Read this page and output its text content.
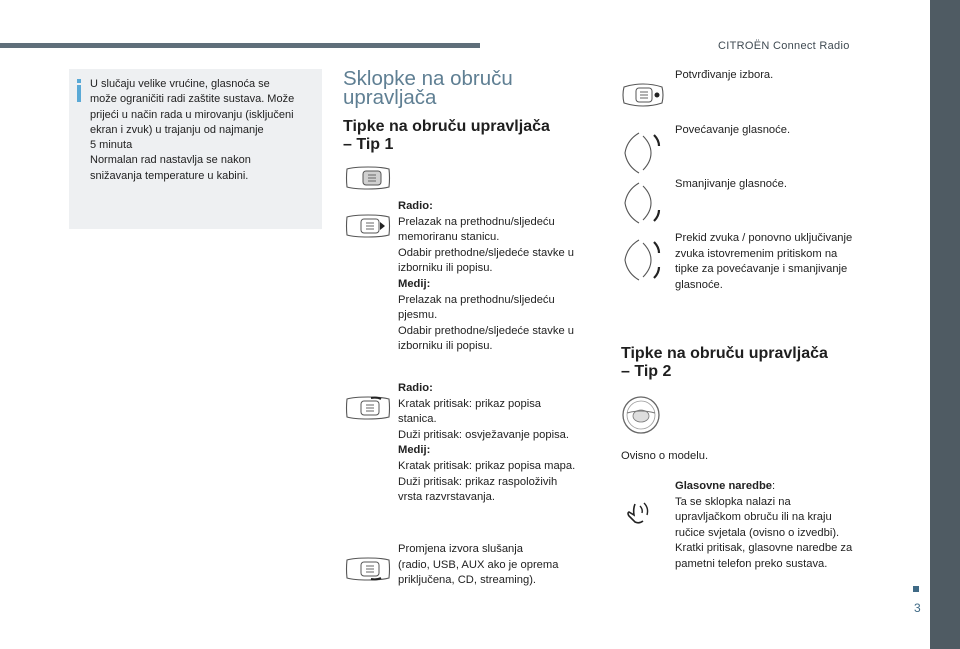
CITROËN Connect Radio
3
U slučaju velike vrućine, glasnoća se
može ograničiti radi zaštite sustava. Može
prijeći u način rada u mirovanju (isključeni
ekran i zvuk) u trajanju od najmanje
5 minuta
Normalan rad nastavlja se nakon
snižavanja temperature u kabini.
Sklopke na obruču
upravljača
Tipke na obruču upravljača
– Tip 1
Radio:
Prelazak na prethodnu/sljedeću
memoriranu stanicu.
Odabir prethodne/sljedeće stavke u
izborniku ili popisu.
Medij:
Prelazak na prethodnu/sljedeću
pjesmu.
Odabir prethodne/sljedeće stavke u
izborniku ili popisu.
Radio:
Kratak pritisak: prikaz popisa
stanica.
Duži pritisak: osvježavanje popisa.
Medij:
Kratak pritisak: prikaz popisa mapa.
Duži pritisak: prikaz raspoloživih
vrsta razvrstavanja.
Promjena izvora slušanja
(radio, USB, AUX ako je oprema
priključena, CD, streaming).
Potvrđivanje izbora.
Povećavanje glasnoće.
Smanjivanje glasnoće.
Prekid zvuka / ponovno uključivanje
zvuka istovremenim pritiskom na
tipke za povećavanje i smanjivanje
glasnoće.
Tipke na obruču upravljača
– Tip 2
Ovisno o modelu.
Glasovne naredbe:
Ta se sklopka nalazi na
upravljačkom obruču ili na kraju
ručice svjetala (ovisno o izvedbi).
Kratki pritisak, glasovne naredbe za
pametni telefon preko sustava.
